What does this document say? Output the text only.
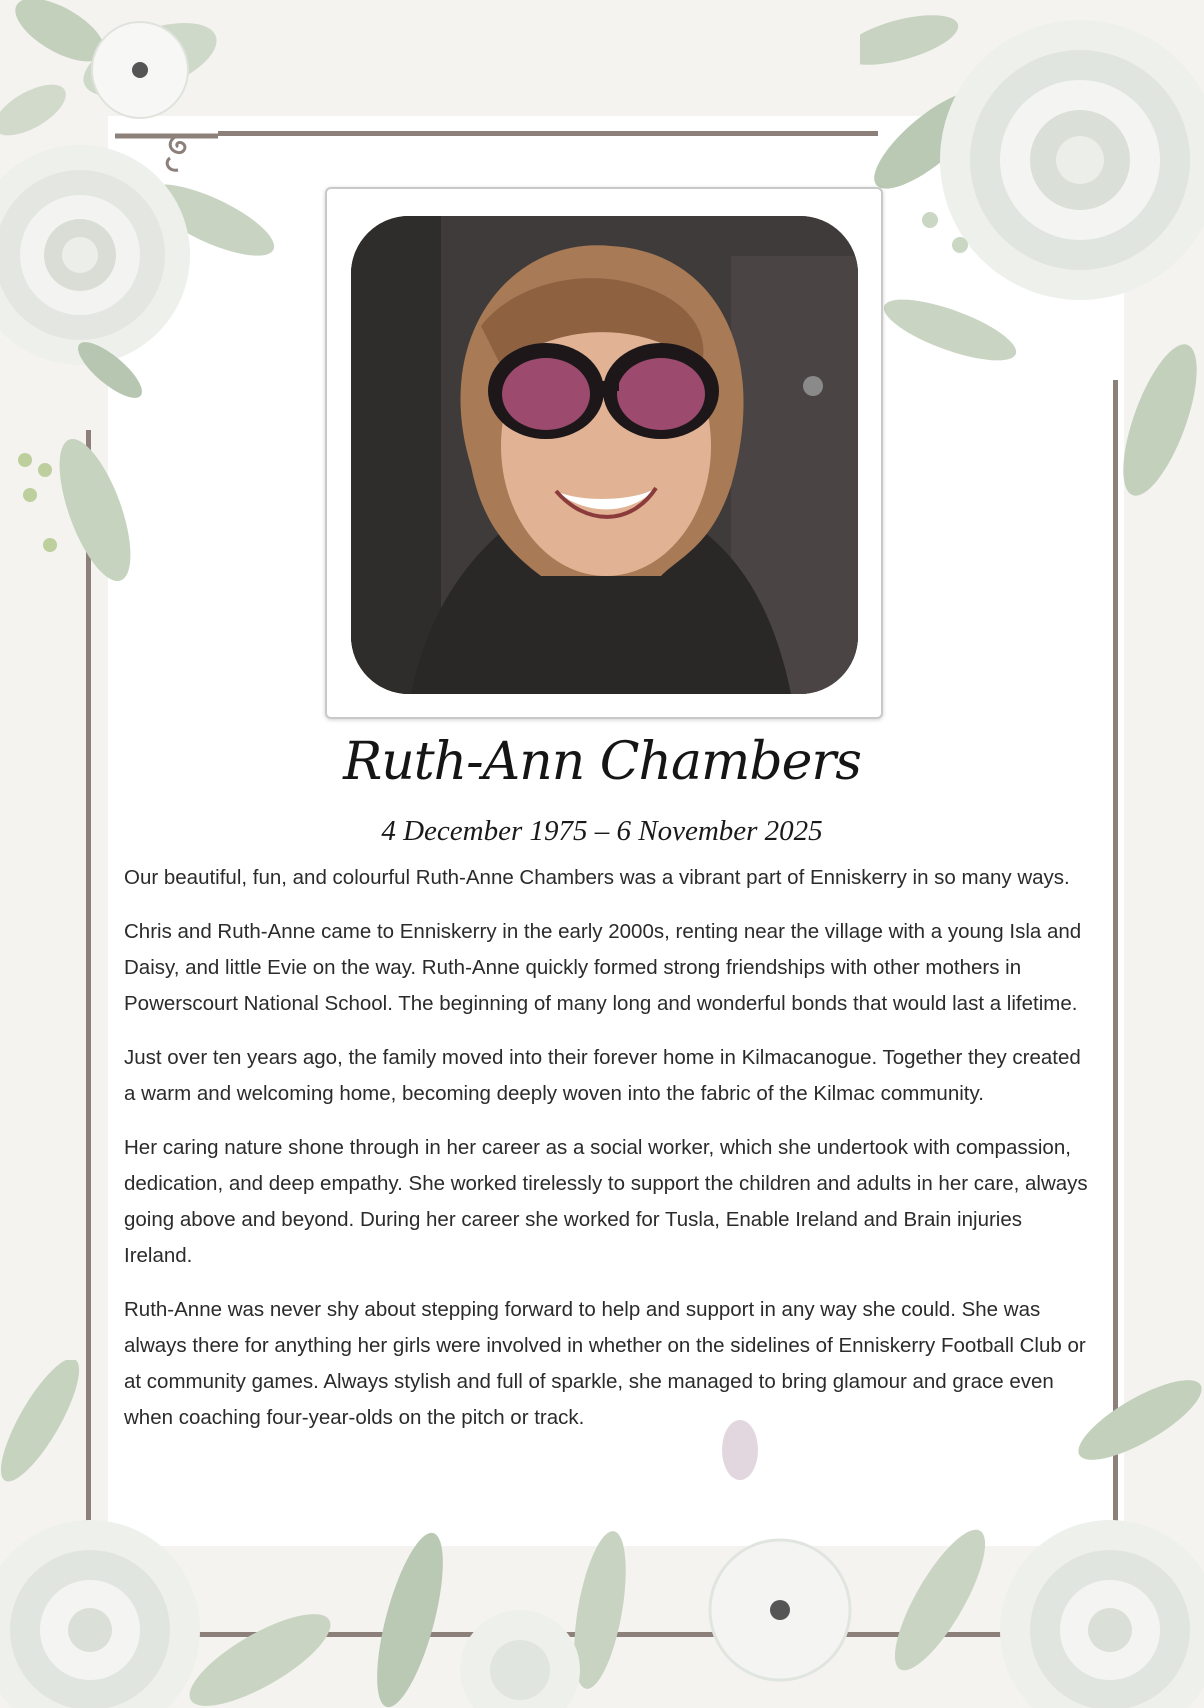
Ruth-Ann Chambers
4 December 1975 – 6 November 2025

Our beautiful, fun, and colourful Ruth-Anne Chambers was a vibrant part of Enniskerry in so many ways.

Chris and Ruth-Anne came to Enniskerry in the early 2000s, renting near the village with a young Isla and Daisy, and little Evie on the way. Ruth-Anne quickly formed strong friendships with other mothers in Powerscourt National School. The beginning of many long and wonderful bonds that would last a lifetime.

Just over ten years ago, the family moved into their forever home in Kilmacanogue. Together they created a warm and welcoming home, becoming deeply woven into the fabric of the Kilmac community.

Her caring nature shone through in her career as a social worker, which she undertook with compassion, dedication, and deep empathy. She worked tirelessly to support the children and adults in her care, always going above and beyond. During her career she worked for Tusla, Enable Ireland and Brain injuries Ireland.

Ruth-Anne was never shy about stepping forward to help and support in any way she could. She was always there for anything her girls were involved in whether on the sidelines of Enniskerry Football Club or at community games. Always stylish and full of sparkle, she managed to bring glamour and grace even when coaching four-year-olds on the pitch or track.
